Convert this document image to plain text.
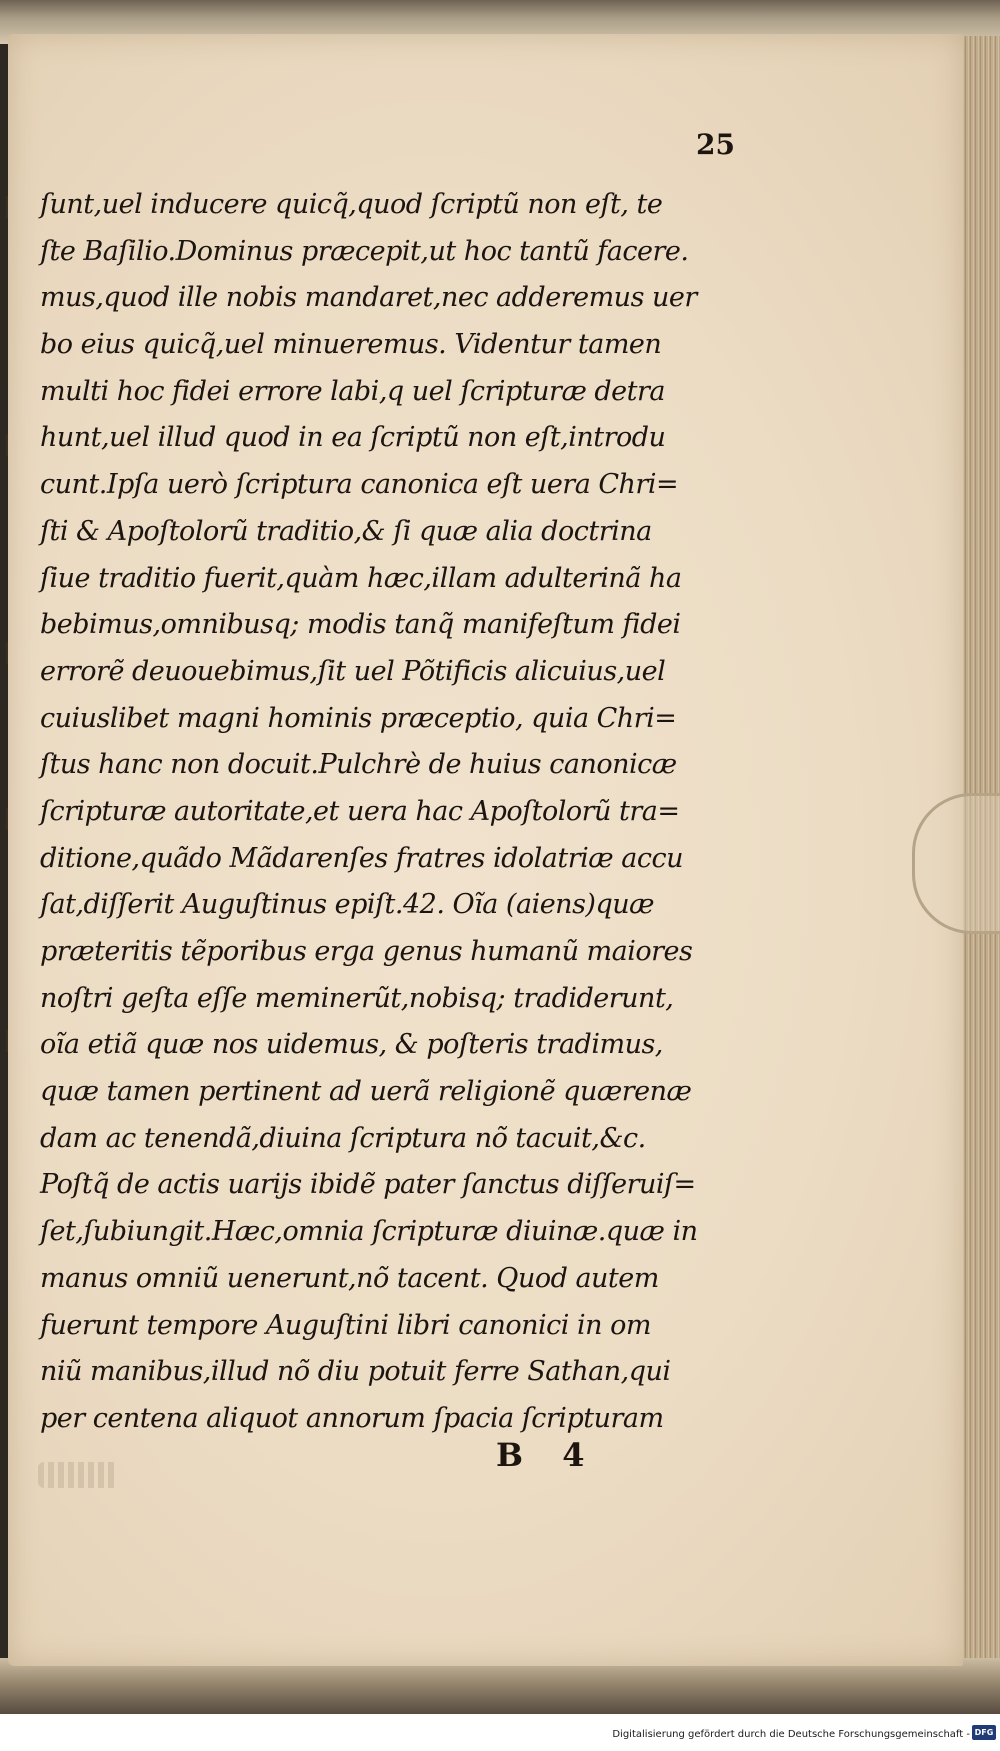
25
ſunt,uel inducere quicq̃,quod ſcriptũ non eſt, te
ſte Baſilio.Dominus præcepit,ut hoc tantũ facere.
mus,quod ille nobis mandaret,nec adderemus uer
bo eius quicq̃,uel minueremus. Videntur tamen
multi hoc fidei errore labi,q uel ſcripturæ detra
hunt,uel illud quod in ea ſcriptũ non eſt,introdu
cunt.Ipſa uerò ſcriptura canonica eſt uera Chri=
ſti & Apoſtolorũ traditio,& ſi quæ alia doctrina
ſiue traditio fuerit,quàm hæc,illam adulterinã ha
bebimus,omnibusq; modis tanq̃ manifeſtum fidei
errorẽ deuouebimus,ſit uel Põtificis alicuius,uel
cuiuslibet magni hominis præceptio, quia Chri=
ſtus hanc non docuit.Pulchrè de huius canonicæ
ſcripturæ autoritate,et uera hac Apoſtolorũ tra=
ditione,quãdo Mãdarenſes fratres idolatriæ accu
ſat,diſſerit Auguſtinus epiſt.42. Oĩa (aiens)quæ
præteritis tẽporibus erga genus humanũ maiores
noſtri geſta eſſe meminerũt,nobisq; tradiderunt,
oĩa etiã quæ nos uidemus, & poſteris tradimus,
quæ tamen pertinent ad uerã religionẽ quærenæ
dam ac tenendã,diuina ſcriptura nõ tacuit,&c.
Poſtq̃ de actis uarijs ibidẽ pater ſanctus diſſeruiſ=
ſet,ſubiungit.Hæc,omnia ſcripturæ diuinæ.quæ in
manus omniũ uenerunt,nõ tacent. Quod autem
fuerunt tempore Auguſtini libri canonici in om
niũ manibus,illud nõ diu potuit ferre Sathan,qui
per centena aliquot annorum ſpacia ſcripturam
B 4
Digitalisierung gefördert durch die Deutsche Forschungsgemeinschaft - DFG
